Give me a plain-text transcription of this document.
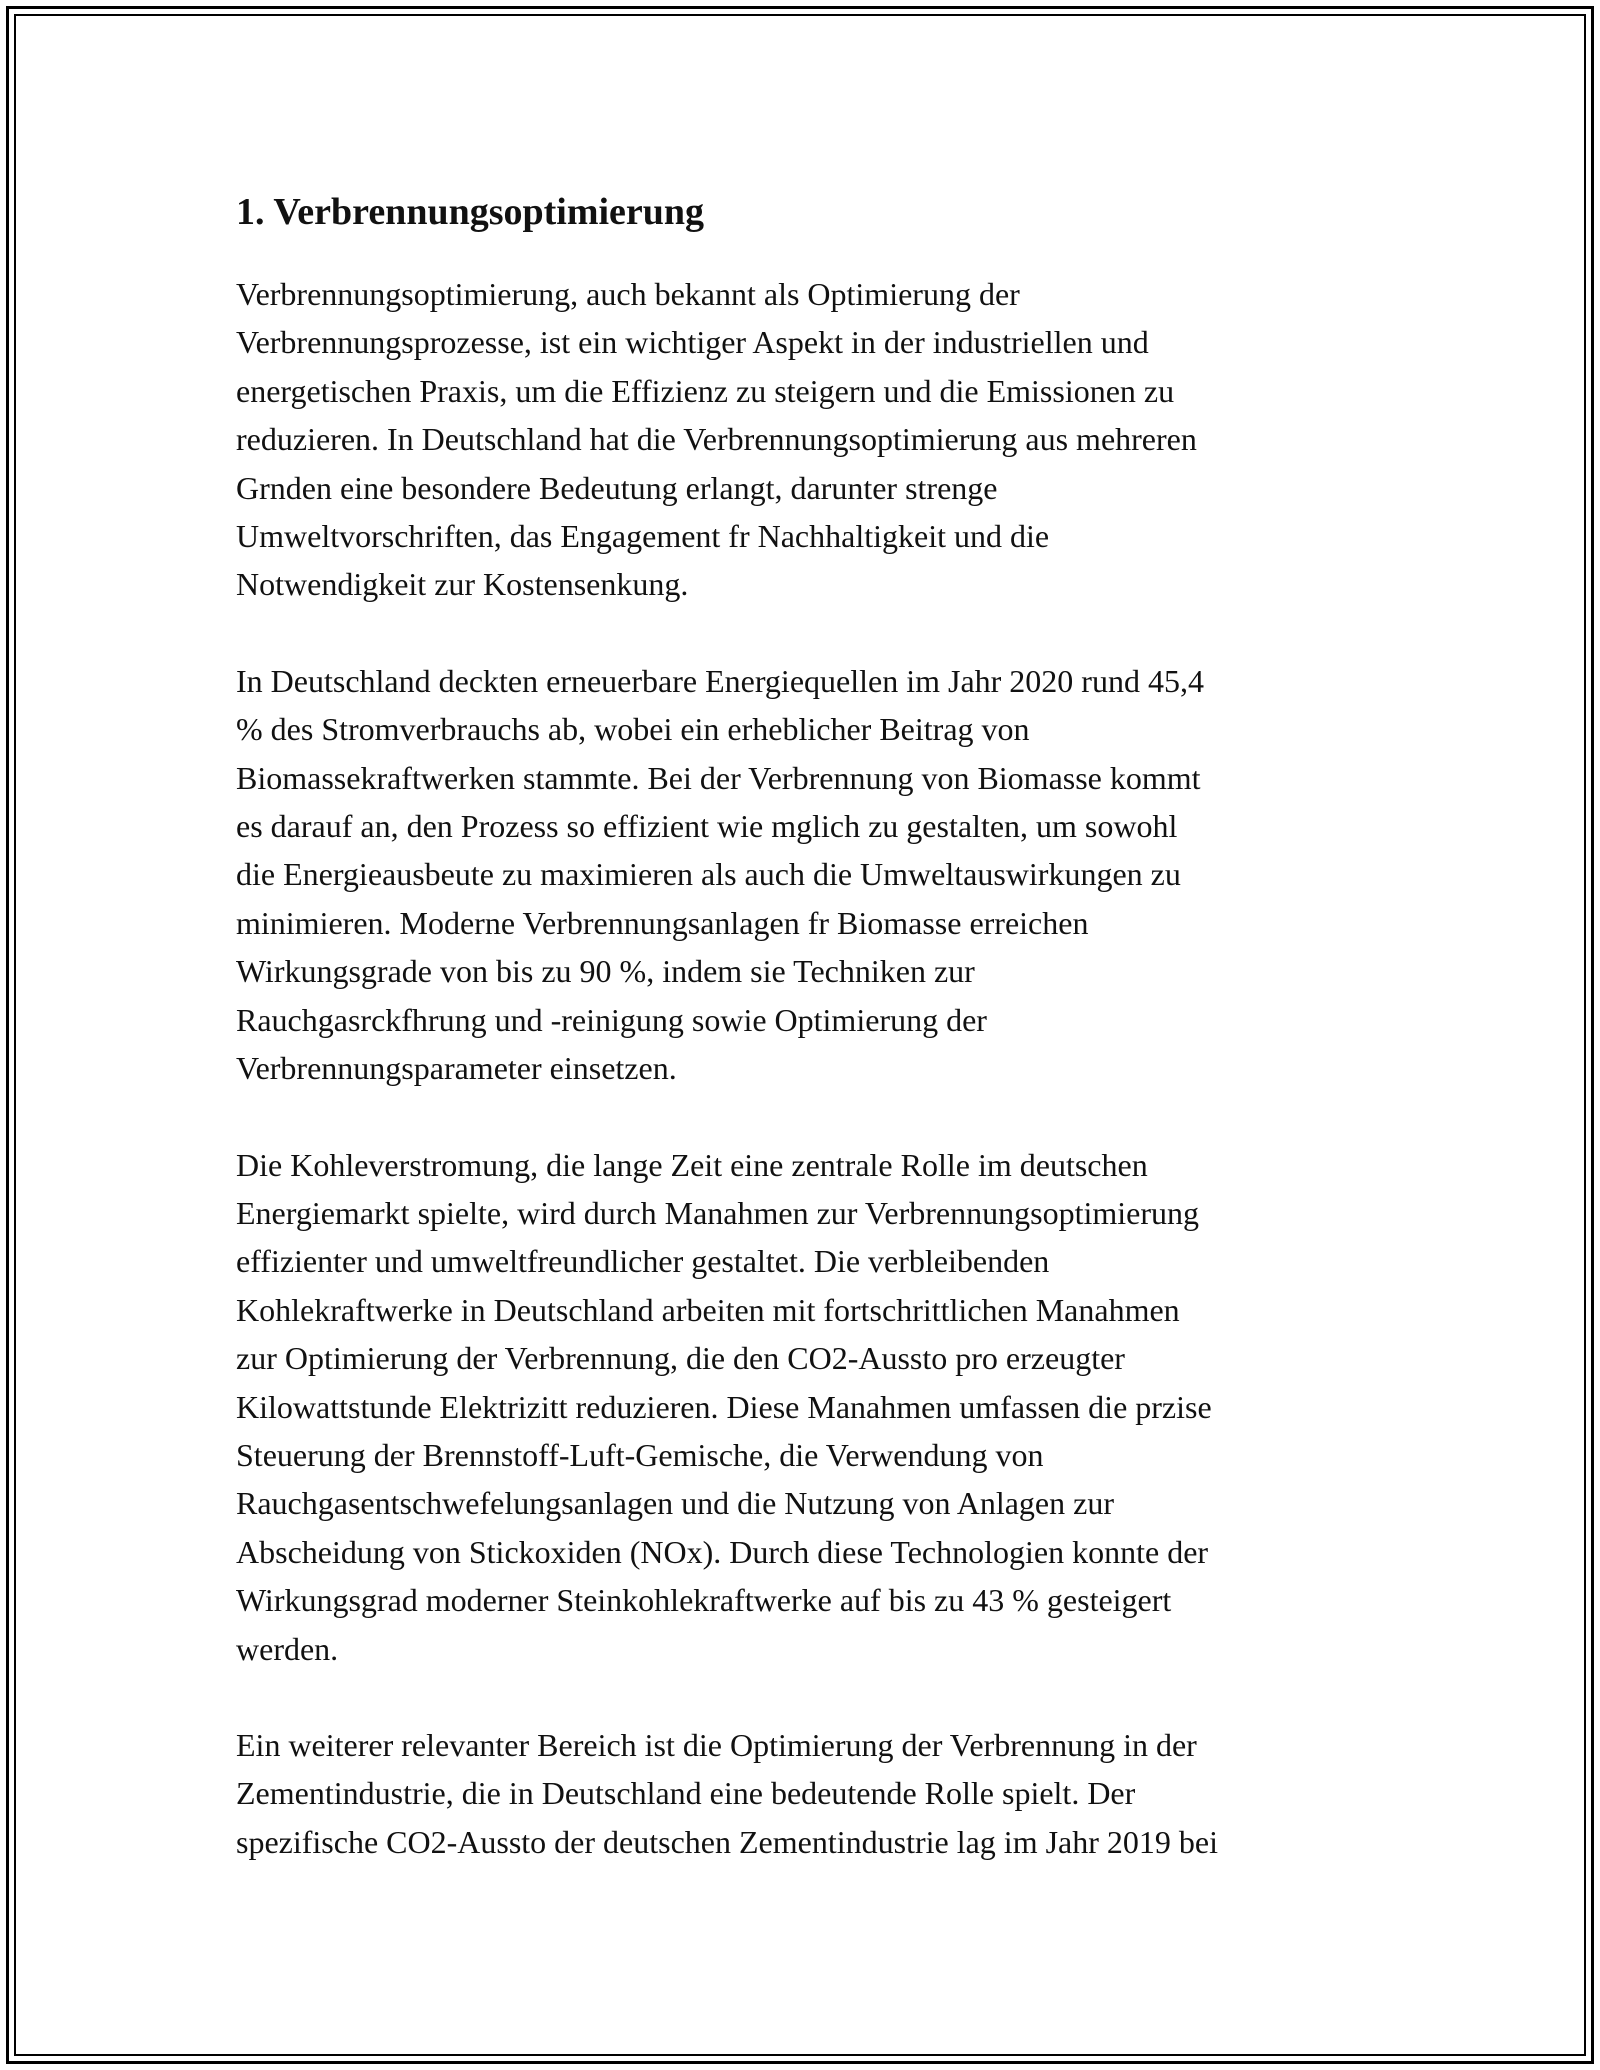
1. Verbrennungsoptimierung

Verbrennungsoptimierung, auch bekannt als Optimierung der
Verbrennungsprozesse, ist ein wichtiger Aspekt in der industriellen und
energetischen Praxis, um die Effizienz zu steigern und die Emissionen zu
reduzieren. In Deutschland hat die Verbrennungsoptimierung aus mehreren
Grnden eine besondere Bedeutung erlangt, darunter strenge
Umweltvorschriften, das Engagement fr Nachhaltigkeit und die
Notwendigkeit zur Kostensenkung.

In Deutschland deckten erneuerbare Energiequellen im Jahr 2020 rund 45,4
% des Stromverbrauchs ab, wobei ein erheblicher Beitrag von
Biomassekraftwerken stammte. Bei der Verbrennung von Biomasse kommt
es darauf an, den Prozess so effizient wie mglich zu gestalten, um sowohl
die Energieausbeute zu maximieren als auch die Umweltauswirkungen zu
minimieren. Moderne Verbrennungsanlagen fr Biomasse erreichen
Wirkungsgrade von bis zu 90 %, indem sie Techniken zur
Rauchgasrckfhrung und -reinigung sowie Optimierung der
Verbrennungsparameter einsetzen.

Die Kohleverstromung, die lange Zeit eine zentrale Rolle im deutschen
Energiemarkt spielte, wird durch Manahmen zur Verbrennungsoptimierung
effizienter und umweltfreundlicher gestaltet. Die verbleibenden
Kohlekraftwerke in Deutschland arbeiten mit fortschrittlichen Manahmen
zur Optimierung der Verbrennung, die den CO2-Aussto pro erzeugter
Kilowattstunde Elektrizitt reduzieren. Diese Manahmen umfassen die przise
Steuerung der Brennstoff-Luft-Gemische, die Verwendung von
Rauchgasentschwefelungsanlagen und die Nutzung von Anlagen zur
Abscheidung von Stickoxiden (NOx). Durch diese Technologien konnte der
Wirkungsgrad moderner Steinkohlekraftwerke auf bis zu 43 % gesteigert
werden.

Ein weiterer relevanter Bereich ist die Optimierung der Verbrennung in der
Zementindustrie, die in Deutschland eine bedeutende Rolle spielt. Der
spezifische CO2-Aussto der deutschen Zementindustrie lag im Jahr 2019 bei
